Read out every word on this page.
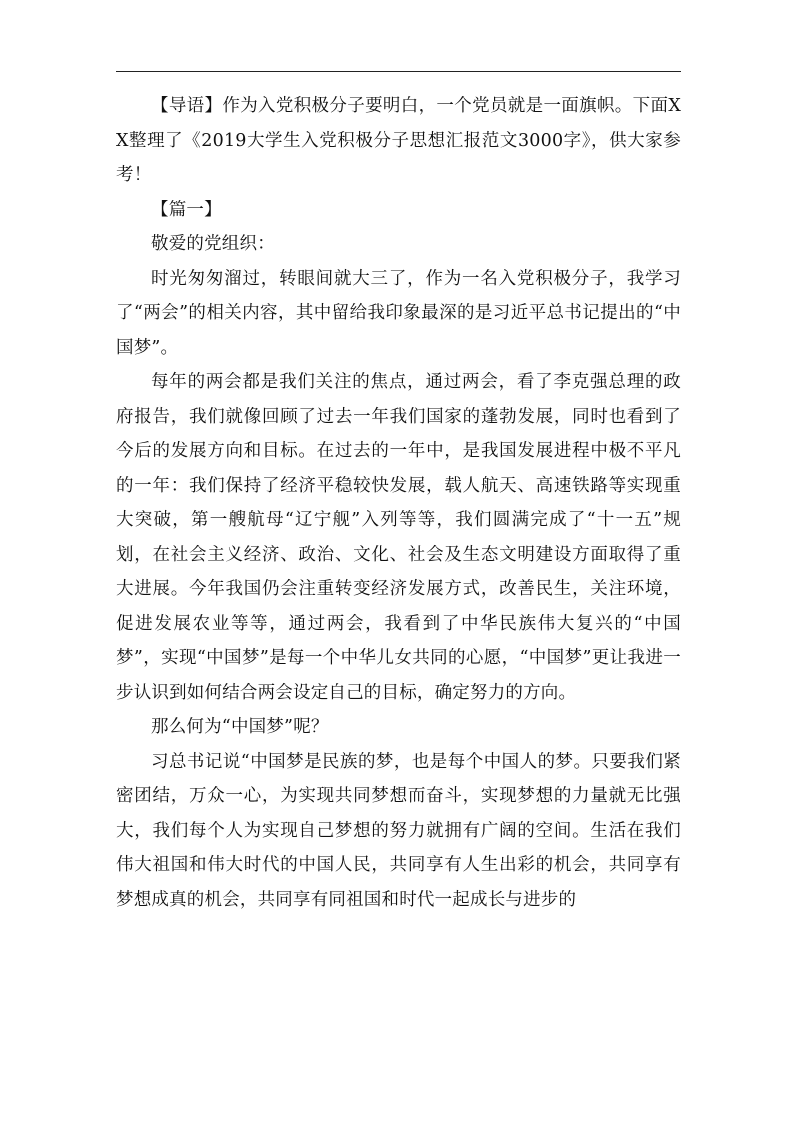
【导语】作为入党积极分子要明白，一个党员就是一面旗帜。下面XX整理了《2019大学生入党积极分子思想汇报范文3000字》，供大家参考！

【篇一】

敬爱的党组织：

时光匆匆溜过，转眼间就大三了，作为一名入党积极分子，我学习了“两会”的相关内容，其中留给我印象最深的是习近平总书记提出的“中国梦”。

每年的两会都是我们关注的焦点，通过两会，看了李克强总理的政府报告，我们就像回顾了过去一年我们国家的蓬勃发展，同时也看到了今后的发展方向和目标。在过去的一年中，是我国发展进程中极不平凡的一年：我们保持了经济平稳较快发展，载人航天、高速铁路等实现重大突破，第一艘航母“辽宁舰”入列等等，我们圆满完成了“十一五”规划，在社会主义经济、政治、文化、社会及生态文明建设方面取得了重大进展。今年我国仍会注重转变经济发展方式，改善民生，关注环境，促进发展农业等等，通过两会，我看到了中华民族伟大复兴的“中国梦”，实现“中国梦”是每一个中华儿女共同的心愿，“中国梦”更让我进一步认识到如何结合两会设定自己的目标，确定努力的方向。

那么何为“中国梦”呢？

习总书记说“中国梦是民族的梦，也是每个中国人的梦。只要我们紧密团结，万众一心，为实现共同梦想而奋斗，实现梦想的力量就无比强大，我们每个人为实现自己梦想的努力就拥有广阔的空间。生活在我们伟大祖国和伟大时代的中国人民，共同享有人生出彩的机会，共同享有梦想成真的机会，共同享有同祖国和时代一起成长与进步的
